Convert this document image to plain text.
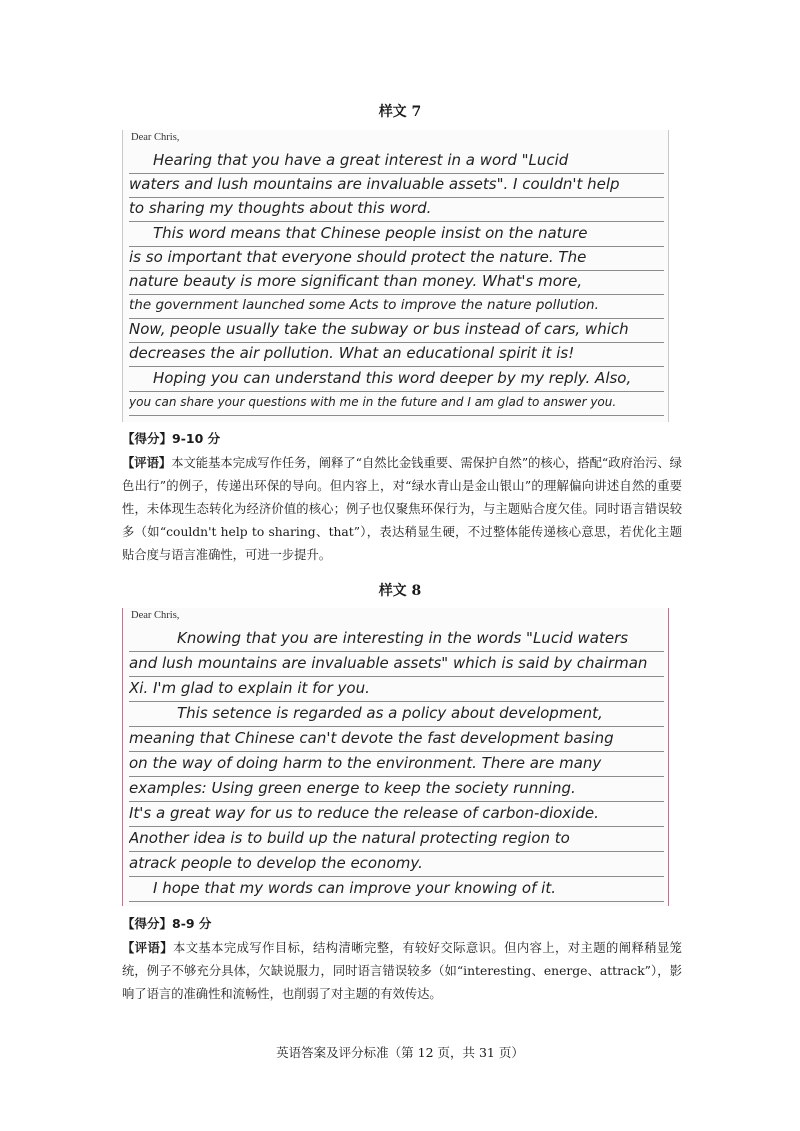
样文 7
Dear Chris,
Hearing that you have a great interest in a word "Lucid
waters and lush mountains are invaluable assets". I couldn't help
to sharing my thoughts about this word.
This word means that Chinese people insist on the nature
is so important that everyone should protect the nature. The
nature beauty is more significant than money. What's more,
the government launched some Acts to improve the nature pollution.
Now, people usually take the subway or bus instead of cars, which
decreases the air pollution. What an educational spirit it is!
Hoping you can understand this word deeper by my reply. Also,
you can share your questions with me in the future and I am glad to answer you.
【得分】9-10 分
【评语】本文能基本完成写作任务，阐释了“自然比金钱重要、需保护自然”的核心，搭配“政府治污、绿色出行”的例子，传递出环保的导向。但内容上，对“绿水青山是金山银山”的理解偏向讲述自然的重要性，未体现生态转化为经济价值的核心；例子也仅聚焦环保行为，与主题贴合度欠佳。同时语言错误较多（如“couldn't help to sharing、that”），表达稍显生硬，不过整体能传递核心意思，若优化主题贴合度与语言准确性，可进一步提升。
样文 8
Dear Chris,
Knowing that you are interesting in the words "Lucid waters
and lush mountains are invaluable assets" which is said by chairman
Xi. I'm glad to explain it for you.
This setence is regarded as a policy about development,
meaning that Chinese can't devote the fast development basing
on the way of doing harm to the environment. There are many
examples: Using green energe to keep the society running.
It's a great way for us to reduce the release of carbon-dioxide.
Another idea is to build up the natural protecting region to
atrack people to develop the economy.
I hope that my words can improve your knowing of it.
【得分】8-9 分
【评语】本文基本完成写作目标，结构清晰完整，有较好交际意识。但内容上，对主题的阐释稍显笼统，例子不够充分具体，欠缺说服力，同时语言错误较多（如“interesting、energe、attrack”），影响了语言的准确性和流畅性，也削弱了对主题的有效传达。
英语答案及评分标准（第 12 页，共 31 页）
